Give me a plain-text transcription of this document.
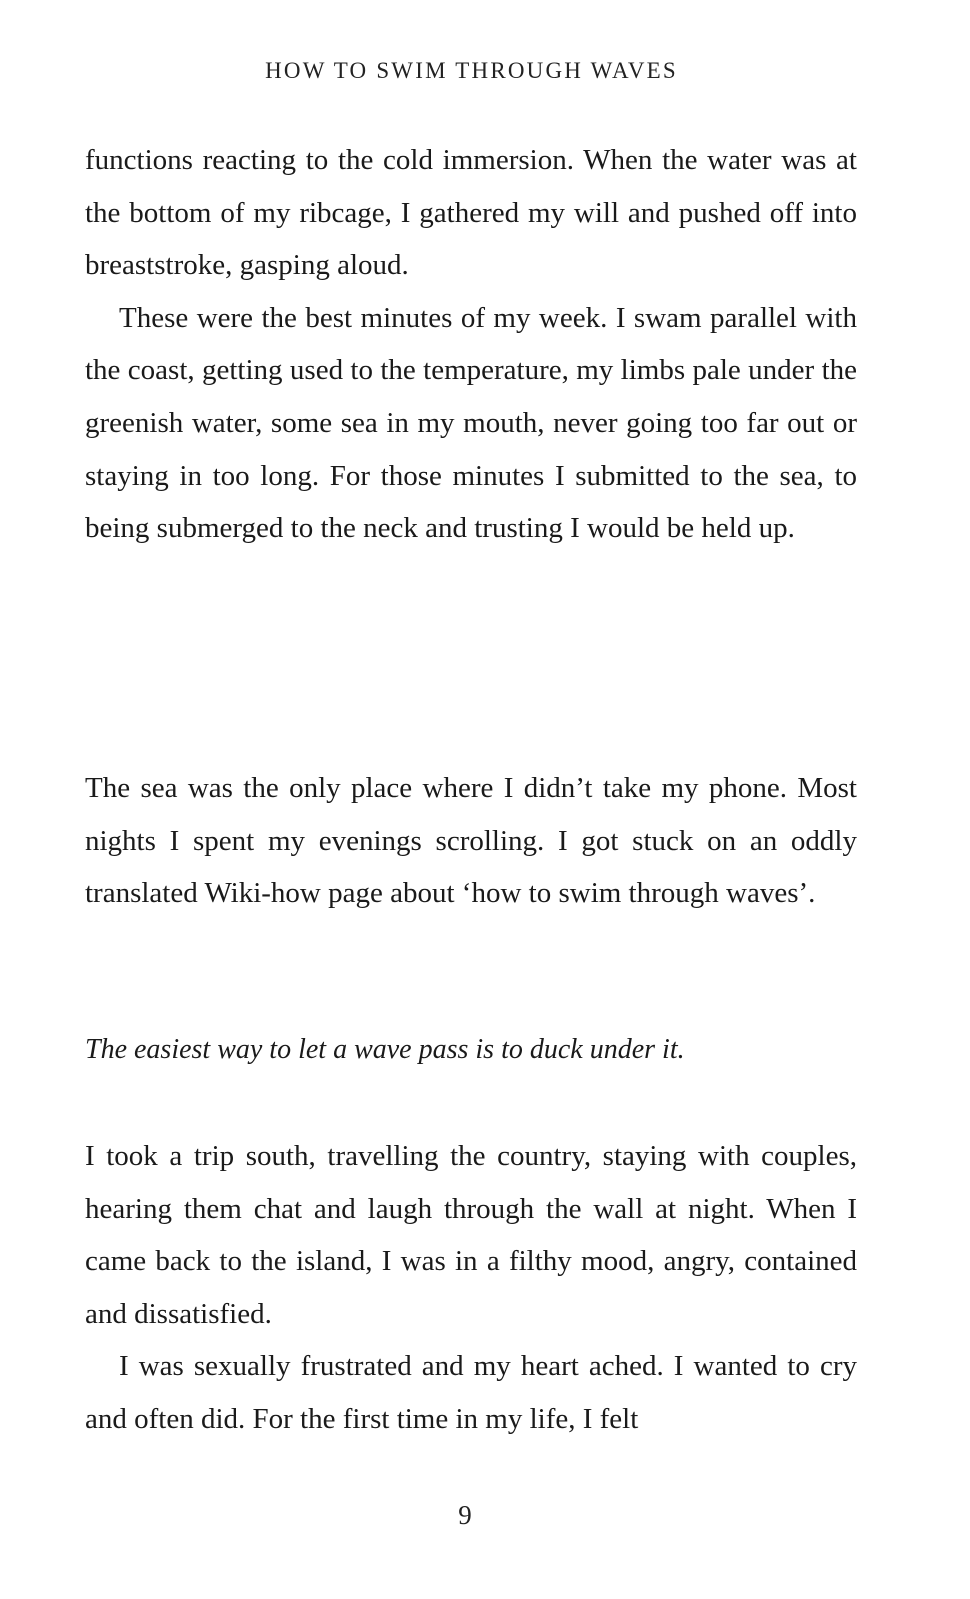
HOW TO SWIM THROUGH WAVES

functions reacting to the cold immersion. When the water was at the bottom of my ribcage, I gathered my will and pushed off into breaststroke, gasping aloud.

These were the best minutes of my week. I swam parallel with the coast, getting used to the temperature, my limbs pale under the greenish water, some sea in my mouth, never going too far out or staying in too long. For those minutes I submitted to the sea, to being submerged to the neck and trusting I would be held up.

The sea was the only place where I didn’t take my phone. Most nights I spent my evenings scrolling. I got stuck on an oddly translated Wiki-how page about ‘how to swim through waves’.

The easiest way to let a wave pass is to duck under it.

I took a trip south, travelling the country, staying with couples, hearing them chat and laugh through the wall at night. When I came back to the island, I was in a filthy mood, angry, contained and dissatisfied.

I was sexually frustrated and my heart ached. I wanted to cry and often did. For the first time in my life, I felt

9
